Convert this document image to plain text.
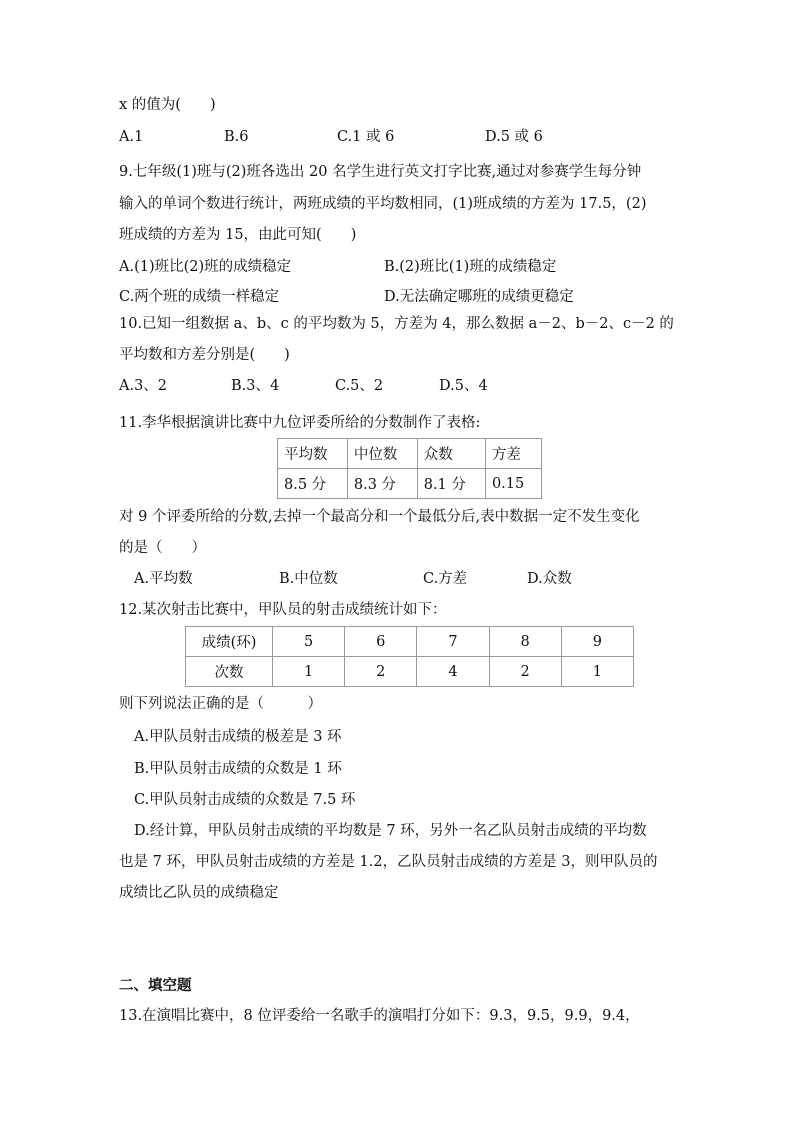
x 的值为(　　)
A.1	B.6	C.1 或 6	D.5 或 6
9.七年级(1)班与(2)班各选出 20 名学生进行英文打字比赛,通过对参赛学生每分钟
输入的单词个数进行统计，两班成绩的平均数相同，(1)班成绩的方差为 17.5，(2)
班成绩的方差为 15，由此可知(　　)
A.(1)班比(2)班的成绩稳定	B.(2)班比(1)班的成绩稳定
C.两个班的成绩一样稳定	D.无法确定哪班的成绩更稳定
10.已知一组数据 a、b、c 的平均数为 5，方差为 4，那么数据 a－2、b－2、c－2 的
平均数和方差分别是(　　)
A.3、2	B.3、4	C.5、2	D.5、4
11.李华根据演讲比赛中九位评委所给的分数制作了表格:
平均数	中位数	众数	方差
8.5 分	8.3 分	8.1 分	0.15
对 9 个评委所给的分数,去掉一个最高分和一个最低分后,表中数据一定不发生变化
的是（　　）
A.平均数	B.中位数	C.方差	D.众数
12.某次射击比赛中，甲队员的射击成绩统计如下：
成绩(环)	5	6	7	8	9
次数	1	2	4	2	1
则下列说法正确的是（　　　）
A.甲队员射击成绩的极差是 3 环
B.甲队员射击成绩的众数是 1 环
C.甲队员射击成绩的众数是 7.5 环
D.经计算，甲队员射击成绩的平均数是 7 环，另外一名乙队员射击成绩的平均数
也是 7 环，甲队员射击成绩的方差是 1.2，乙队员射击成绩的方差是 3，则甲队员的
成绩比乙队员的成绩稳定
二、填空题
13.在演唱比赛中，8 位评委给一名歌手的演唱打分如下：9.3，9.5，9.9，9.4，
